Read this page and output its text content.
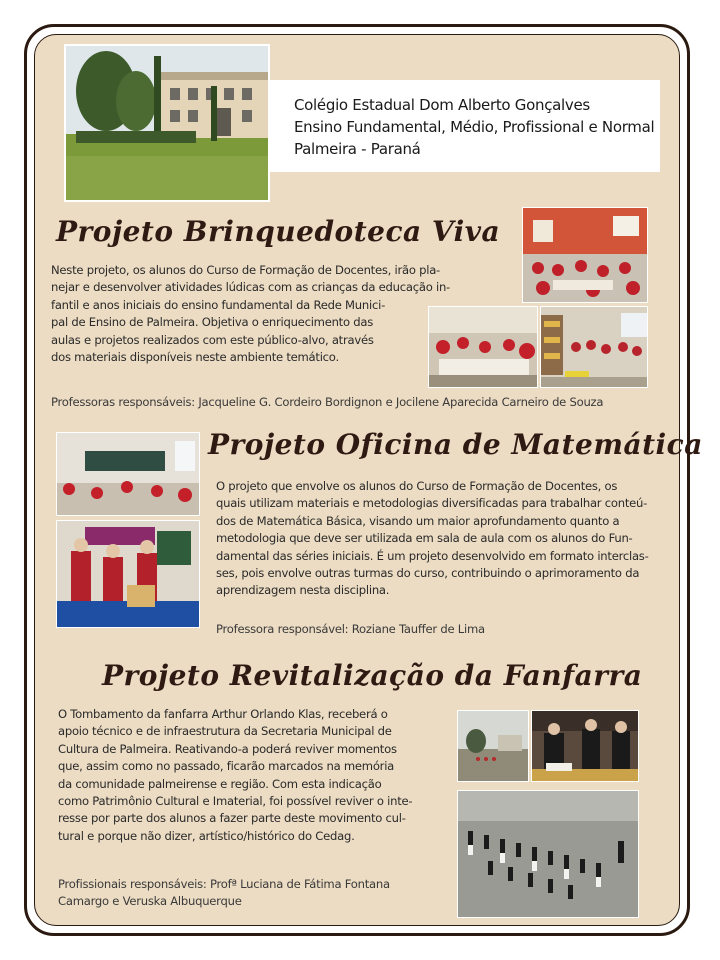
Colégio Estadual Dom Alberto Gonçalves
Ensino Fundamental, Médio, Profissional e Normal
Palmeira - Paraná
Projeto Brinquedoteca Viva
Neste projeto, os alunos do Curso de Formação de Docentes, irão pla-
nejar e desenvolver atividades lúdicas com as crianças da educação in-
fantil e anos iniciais do ensino fundamental da Rede Munici-
pal de Ensino de Palmeira. Objetiva o enriquecimento das
aulas e projetos realizados com este público-alvo, através
dos materiais disponíveis neste ambiente temático.
Professoras responsáveis: Jacqueline G. Cordeiro Bordignon e Jocilene Aparecida Carneiro de Souza
Projeto Oficina de Matemática
O projeto que envolve os alunos do Curso de Formação de Docentes, os
quais utilizam materiais e metodologias diversificadas para trabalhar conteú-
dos de Matemática Básica, visando um maior aprofundamento quanto a
metodologia que deve ser utilizada em sala de aula com os alunos do Fun-
damental das séries iniciais. É um projeto desenvolvido em formato interclas-
ses, pois envolve outras turmas do curso, contribuindo o aprimoramento da
aprendizagem nesta disciplina.
Professora responsável: Roziane Tauffer de Lima
Projeto Revitalização da Fanfarra
O Tombamento da fanfarra Arthur Orlando Klas, receberá o
apoio técnico e de infraestrutura da Secretaria Municipal de
Cultura de Palmeira. Reativando-a poderá reviver momentos
que, assim como no passado, ficarão marcados na memória
da comunidade palmeirense e região. Com esta indicação
como Patrimônio Cultural e Imaterial, foi possível reviver o inte-
resse por parte dos alunos a fazer parte deste movimento cul-
tural e porque não dizer, artístico/histórico do Cedag.
Profissionais responsáveis: Profª Luciana de Fátima Fontana
Camargo e Veruska Albuquerque
